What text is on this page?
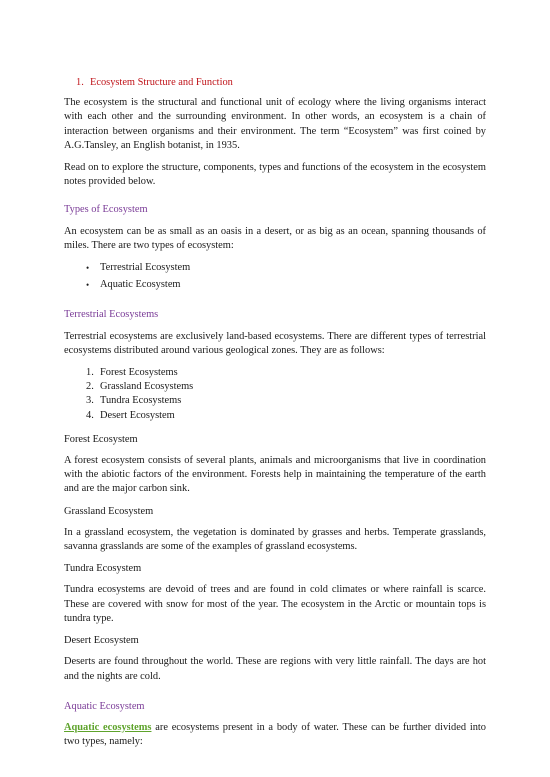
1. Ecosystem Structure and Function

The ecosystem is the structural and functional unit of ecology where the living organisms interact with each other and the surrounding environment. In other words, an ecosystem is a chain of interaction between organisms and their environment. The term “Ecosystem” was first coined by A.G.Tansley, an English botanist, in 1935.

Read on to explore the structure, components, types and functions of the ecosystem in the ecosystem notes provided below.

Types of Ecosystem

An ecosystem can be as small as an oasis in a desert, or as big as an ocean, spanning thousands of miles. There are two types of ecosystem:

•	Terrestrial Ecosystem
•	Aquatic Ecosystem
Terrestrial Ecosystems

Terrestrial ecosystems are exclusively land-based ecosystems. There are different types of terrestrial ecosystems distributed around various geological zones. They are as follows:

1. Forest Ecosystems
2. Grassland Ecosystems
3. Tundra Ecosystems
4. Desert Ecosystem
Forest Ecosystem

A forest ecosystem consists of several plants, animals and microorganisms that live in coordination with the abiotic factors of the environment. Forests help in maintaining the temperature of the earth and are the major carbon sink.

Grassland Ecosystem

In a grassland ecosystem, the vegetation is dominated by grasses and herbs. Temperate grasslands, savanna grasslands are some of the examples of grassland ecosystems.

Tundra Ecosystem

Tundra ecosystems are devoid of trees and are found in cold climates or where rainfall is scarce. These are covered with snow for most of the year. The ecosystem in the Arctic or mountain tops is tundra type.

Desert Ecosystem

Deserts are found throughout the world. These are regions with very little rainfall. The days are hot and the nights are cold.

Aquatic Ecosystem

Aquatic ecosystems are ecosystems present in a body of water. These can be further divided into two types, namely:
